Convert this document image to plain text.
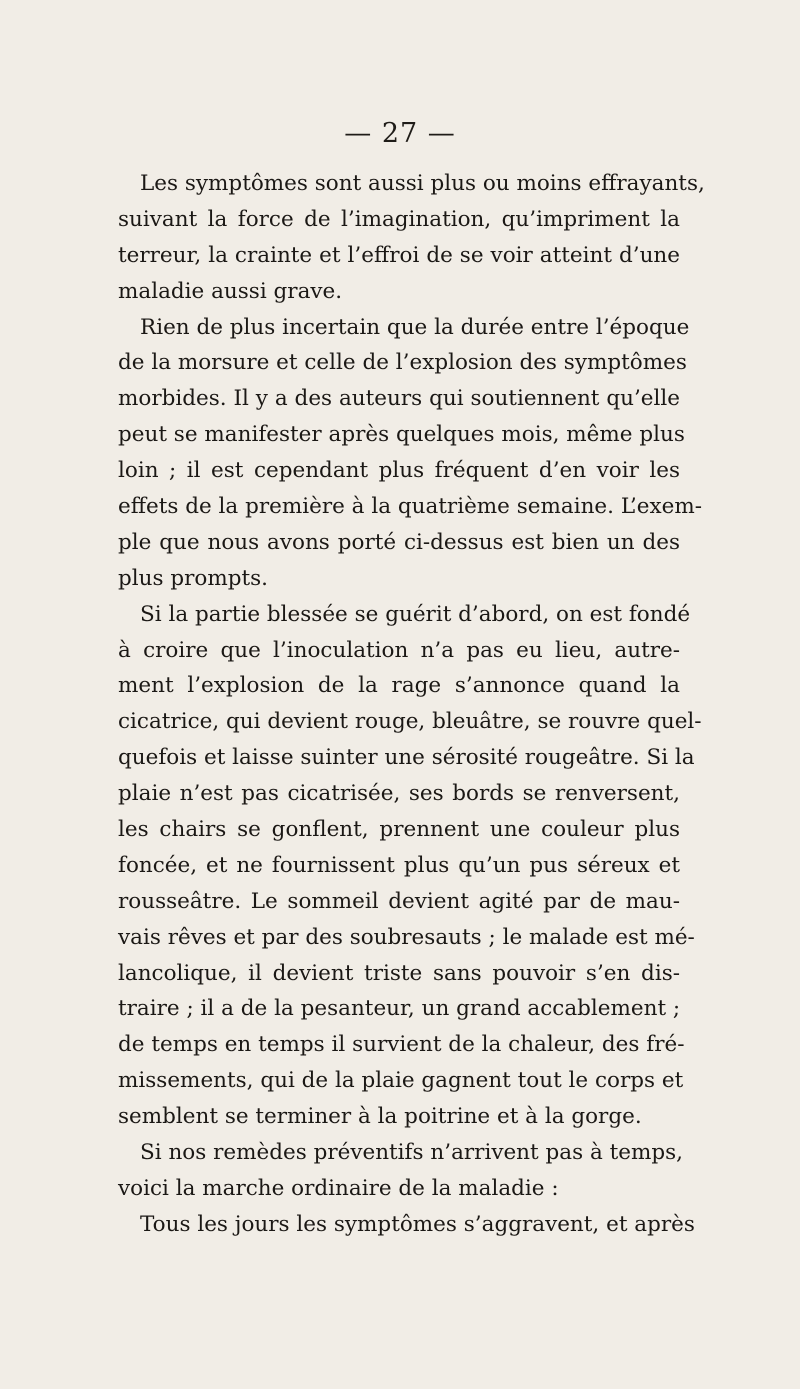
— 27 —
Les symptômes sont aussi plus ou moins effrayants,
suivant la force de l’imagination, qu’impriment la
terreur, la crainte et l’effroi de se voir atteint d’une
maladie aussi grave.
Rien de plus incertain que la durée entre l’époque
de la morsure et celle de l’explosion des symptômes
morbides. Il y a des auteurs qui soutiennent qu’elle
peut se manifester après quelques mois, même plus
loin ; il est cependant plus fréquent d’en voir les
effets de la première à la quatrième semaine. L’exem-
ple que nous avons porté ci-dessus est bien un des
plus prompts.
Si la partie blessée se guérit d’abord, on est fondé
à croire que l’inoculation n’a pas eu lieu, autre-
ment l’explosion de la rage s’annonce quand la
cicatrice, qui devient rouge, bleuâtre, se rouvre quel-
quefois et laisse suinter une sérosité rougeâtre. Si la
plaie n’est pas cicatrisée, ses bords se renversent,
les chairs se gonflent, prennent une couleur plus
foncée, et ne fournissent plus qu’un pus séreux et
rousseâtre. Le sommeil devient agité par de mau-
vais rêves et par des soubresauts ; le malade est mé-
lancolique, il devient triste sans pouvoir s’en dis-
traire ; il a de la pesanteur, un grand accablement ;
de temps en temps il survient de la chaleur, des fré-
missements, qui de la plaie gagnent tout le corps et
semblent se terminer à la poitrine et à la gorge.
Si nos remèdes préventifs n’arrivent pas à temps,
voici la marche ordinaire de la maladie :
Tous les jours les symptômes s’aggravent, et après
